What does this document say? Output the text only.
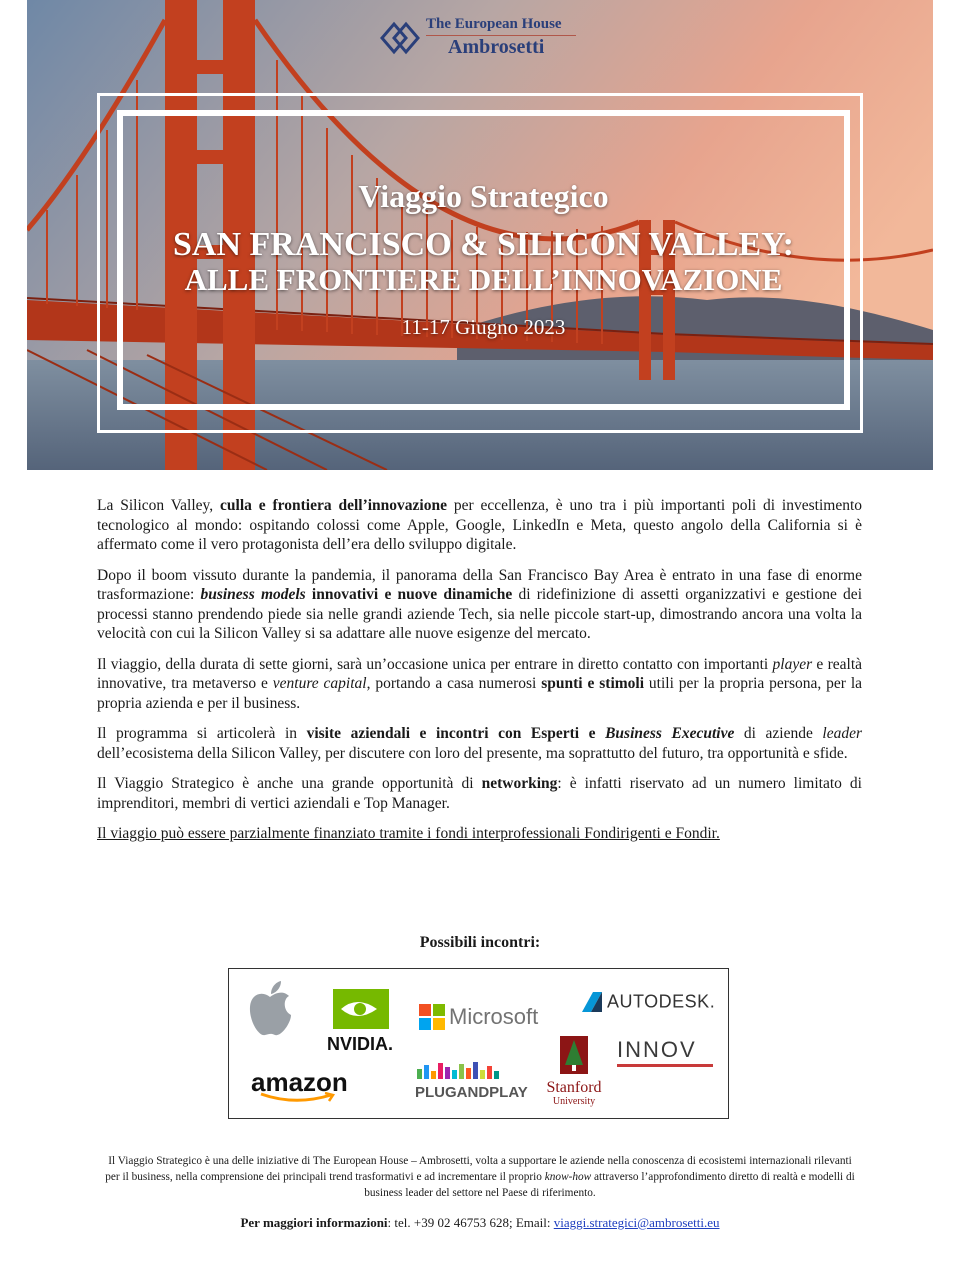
The European House
Ambrosetti
Viaggio Strategico
SAN FRANCISCO & SILICON VALLEY:
ALLE FRONTIERE DELL’INNOVAZIONE
11-17 Giugno 2023

La Silicon Valley, culla e frontiera dell’innovazione per eccellenza, è uno tra i più importanti poli di investimento tecnologico al mondo: ospitando colossi come Apple, Google, LinkedIn e Meta, questo angolo della California si è affermato come il vero protagonista dell’era dello sviluppo digitale.

Dopo il boom vissuto durante la pandemia, il panorama della San Francisco Bay Area è entrato in una fase di enorme trasformazione: business models innovativi e nuove dinamiche di ridefinizione di assetti organizzativi e gestione dei processi stanno prendendo piede sia nelle grandi aziende Tech, sia nelle piccole start-up, dimostrando ancora una volta la velocità con cui la Silicon Valley si sa adattare alle nuove esigenze del mercato.

Il viaggio, della durata di sette giorni, sarà un’occasione unica per entrare in diretto contatto con importanti player e realtà innovative, tra metaverso e venture capital, portando a casa numerosi spunti e stimoli utili per la propria persona, per la propria azienda e per il business.

Il programma si articolerà in visite aziendali e incontri con Esperti e Business Executive di aziende leader dell’ecosistema della Silicon Valley, per discutere con loro del presente, ma soprattutto del futuro, tra opportunità e sfide.

Il Viaggio Strategico è anche una grande opportunità di networking: è infatti riservato ad un numero limitato di imprenditori, membri di vertici aziendali e Top Manager.

Il viaggio può essere parzialmente finanziato tramite i fondi interprofessionali Fondirigenti e Fondir.

Possibili incontri:
NVIDIA.
Microsoft
AUTODESK.
INNOV
amazon	PLUGANDPLAY	Stanford
University
Il Viaggio Strategico è una delle iniziative di The European House – Ambrosetti, volta a supportare le aziende nella conoscenza di ecosistemi internazionali rilevanti per il business, nella comprensione dei principali trend trasformativi e ad incrementare il proprio know-how attraverso l’approfondimento diretto di realtà e modelli di business leader del settore nel Paese di riferimento.
Per maggiori informazioni: tel. +39 02 46753 628; Email: viaggi.strategici@ambrosetti.eu
